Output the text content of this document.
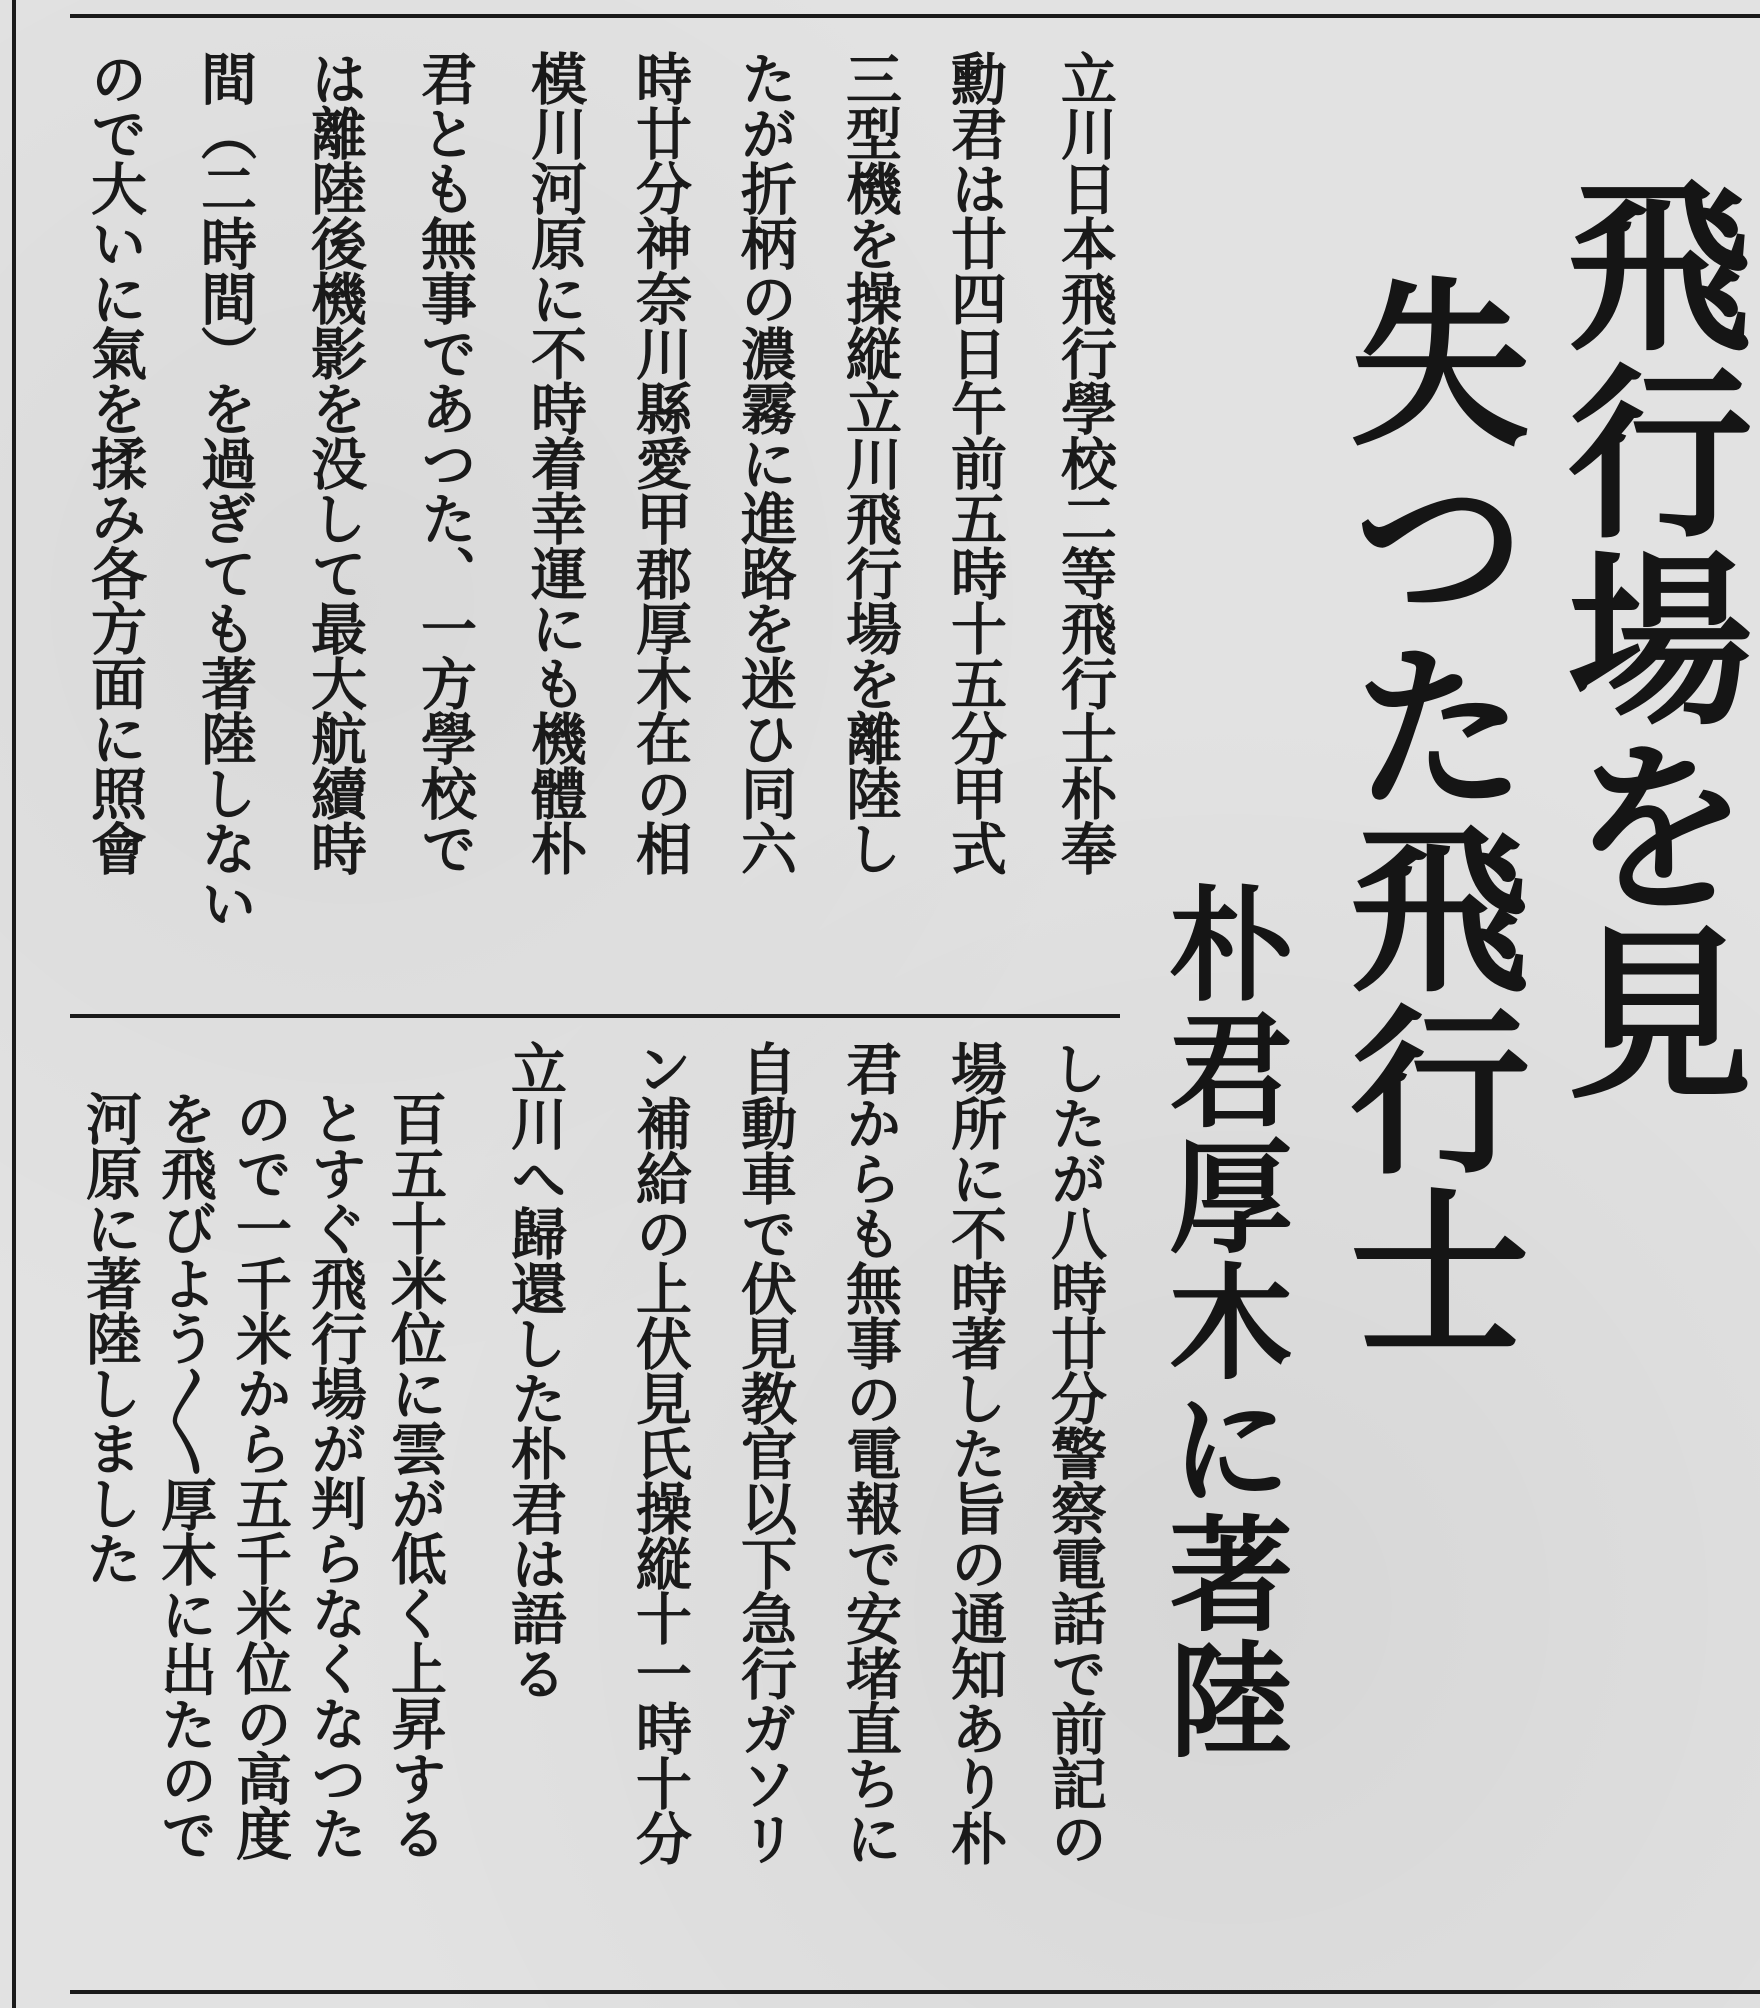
飛行場を見
失つた飛行士
朴君厚木に著陸
立川日本飛行學校二等飛行士朴奉
勳君は廿四日午前五時十五分甲式
三型機を操縦立川飛行場を離陸し
たが折柄の濃霧に進路を迷ひ同六
時廿分神奈川縣愛甲郡厚木在の相
模川河原に不時着幸運にも機體朴
君とも無事であつた、一方學校で
は離陸後機影を没して最大航續時
間（二時間）を過ぎても著陸しない
ので大いに氣を揉み各方面に照會
したが八時廿分警察電話で前記の
場所に不時著した旨の通知あり朴
君からも無事の電報で安堵直ちに
自動車で伏見教官以下急行ガソリ
ン補給の上伏見氏操縦十一時十分
立川へ歸還した朴君は語る
百五十米位に雲が低く上昇する
とすぐ飛行場が判らなくなつた
ので一千米から五千米位の高度
を飛びよう〳〵厚木に出たので
河原に著陸しました
